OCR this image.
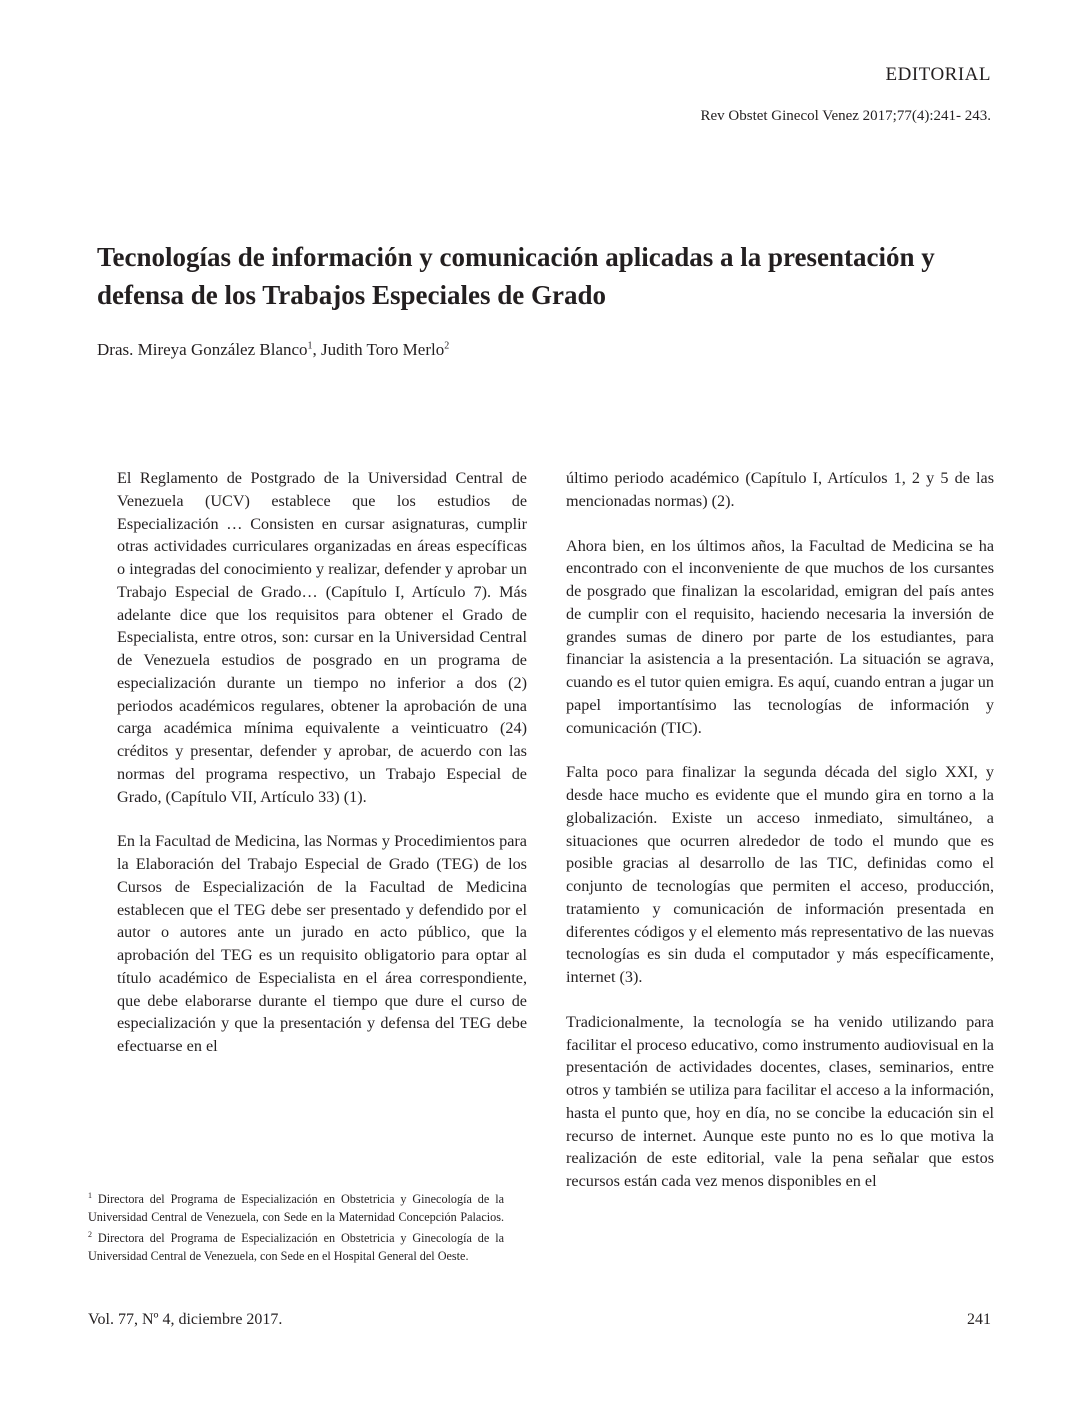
EDITORIAL
Rev Obstet Ginecol Venez 2017;77(4):241- 243.
Tecnologías de información y comunicación aplicadas a la presentación y defensa de los Trabajos Especiales de Grado
Dras. Mireya González Blanco$^1$, Judith Toro Merlo$^2$

El Reglamento de Postgrado de la Universidad Central de Venezuela (UCV) establece que los estudios de Especialización … Consisten en cursar asignaturas, cumplir otras actividades curriculares organizadas en áreas específicas o integradas del conocimiento y realizar, defender y aprobar un Trabajo Especial de Grado… (Capítulo I, Artículo 7). Más adelante dice que los requisitos para obtener el Grado de Especialista, entre otros, son: cursar en la Universidad Central de Venezuela estudios de posgrado en un programa de especialización durante un tiempo no inferior a dos (2) periodos académicos regulares, obtener la aprobación de una carga académica mínima equivalente a veinticuatro (24) créditos y presentar, defender y aprobar, de acuerdo con las normas del programa respectivo, un Trabajo Especial de Grado, (Capítulo VII, Artículo 33) (1).

En la Facultad de Medicina, las Normas y Procedimientos para la Elaboración del Trabajo Especial de Grado (TEG) de los Cursos de Especialización de la Facultad de Medicina establecen que el TEG debe ser presentado y defendido por el autor o autores ante un jurado en acto público, que la aprobación del TEG es un requisito obligatorio para optar al título académico de Especialista en el área correspondiente, que debe elaborarse durante el tiempo que dure el curso de especialización y que la presentación y defensa del TEG debe efectuarse en el

último periodo académico (Capítulo I, Artículos 1, 2 y 5 de las mencionadas normas) (2).

Ahora bien, en los últimos años, la Facultad de Medicina se ha encontrado con el inconveniente de que muchos de los cursantes de posgrado que finalizan la escolaridad, emigran del país antes de cumplir con el requisito, haciendo necesaria la inversión de grandes sumas de dinero por parte de los estudiantes, para financiar la asistencia a la presentación. La situación se agrava, cuando es el tutor quien emigra. Es aquí, cuando entran a jugar un papel importantísimo las tecnologías de información y comunicación (TIC).

Falta poco para finalizar la segunda década del siglo XXI, y desde hace mucho es evidente que el mundo gira en torno a la globalización. Existe un acceso inmediato, simultáneo, a situaciones que ocurren alrededor de todo el mundo que es posible gracias al desarrollo de las TIC, definidas como el conjunto de tecnologías que permiten el acceso, producción, tratamiento y comunicación de información presentada en diferentes códigos y el elemento más representativo de las nuevas tecnologías es sin duda el computador y más específicamente, internet (3).

Tradicionalmente, la tecnología se ha venido utilizando para facilitar el proceso educativo, como instrumento audiovisual en la presentación de actividades docentes, clases, seminarios, entre otros y también se utiliza para facilitar el acceso a la información, hasta el punto que, hoy en día, no se concibe la educación sin el recurso de internet. Aunque este punto no es lo que motiva la realización de este editorial, vale la pena señalar que estos recursos están cada vez menos disponibles en el

$^1$ Directora del Programa de Especialización en Obstetricia y Ginecología de la Universidad Central de Venezuela, con Sede en la Maternidad Concepción Palacios. $^2$ Directora del Programa de Especialización en Obstetricia y Ginecología de la Universidad Central de Venezuela, con Sede en el Hospital General del Oeste.
Vol. 77, Nº 4, diciembre 2017.	241
